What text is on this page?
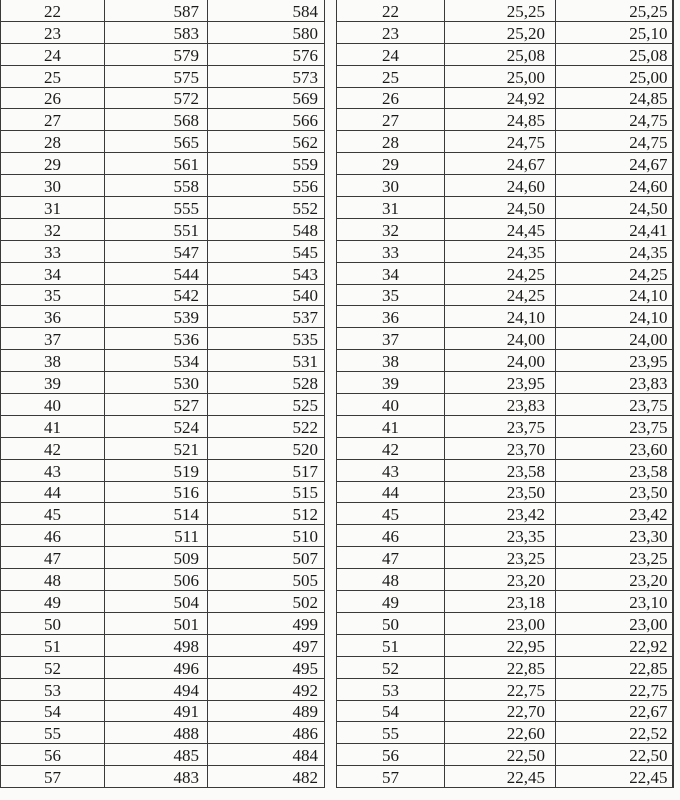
22	587	584
23	583	580
24	579	576
25	575	573
26	572	569
27	568	566
28	565	562
29	561	559
30	558	556
31	555	552
32	551	548
33	547	545
34	544	543
35	542	540
36	539	537
37	536	535
38	534	531
39	530	528
40	527	525
41	524	522
42	521	520
43	519	517
44	516	515
45	514	512
46	511	510
47	509	507
48	506	505
49	504	502
50	501	499
51	498	497
52	496	495
53	494	492
54	491	489
55	488	486
56	485	484
57	483	482
22	25,25	25,25
23	25,20	25,10
24	25,08	25,08
25	25,00	25,00
26	24,92	24,85
27	24,85	24,75
28	24,75	24,75
29	24,67	24,67
30	24,60	24,60
31	24,50	24,50
32	24,45	24,41
33	24,35	24,35
34	24,25	24,25
35	24,25	24,10
36	24,10	24,10
37	24,00	24,00
38	24,00	23,95
39	23,95	23,83
40	23,83	23,75
41	23,75	23,75
42	23,70	23,60
43	23,58	23,58
44	23,50	23,50
45	23,42	23,42
46	23,35	23,30
47	23,25	23,25
48	23,20	23,20
49	23,18	23,10
50	23,00	23,00
51	22,95	22,92
52	22,85	22,85
53	22,75	22,75
54	22,70	22,67
55	22,60	22,52
56	22,50	22,50
57	22,45	22,45
